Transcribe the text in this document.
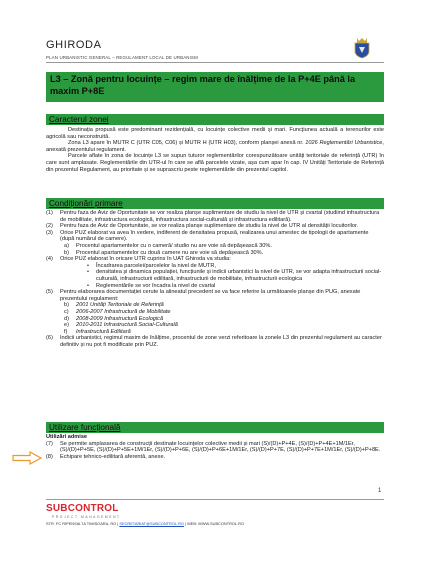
GHIRODA
PLAN URBANISTIC GENERAL – REGULAMENT LOCAL DE URBANISM
L3 – Zonă pentru locuințe – regim mare de înălțime de la P+4E până la maxim P+8E
Caracterul zonei

Destinația propusă este predominant rezidențială, cu locuințe colective medii și mari. Funcțiunea actuală a terenurilor este agricolă sau neconstruită.

Zona L3 apare în MUTR C (UTR C05, C06) și MUTR H (UTR H03), conform planșei anexă nr. 1026 Reglementări Urbanistice, anexată prezentului regulament.

Parcele aflate în zona de locuințe L3 se supun tuturor reglementărilor corespunzătoare unități teritoriale de referință (UTR) în care sunt amplasate. Reglementările din UTR-ul în care se află parcelele vizate, așa cum apar în cap. IV Unități Teritoriale de Referință din prezentul Regulament, au prioritate și se suprascriu peste reglementările din prezentul capitol.

Condiționări primare
(1) Pentru faza de Aviz de Oportunitate se vor realiza planșe suplimentare de studiu la nivel de UTR și cvartal (studiind infrastructura de mobilitate, infrastructura ecologică, infrastructura social-culturală și infrastructura edilitară).
(2) Pentru faza de Aviz de Oportunitate, se vor realiza planșe suplimentare de studiu la nivel de UTR al densității locuitorilor.
(3) Orice PUZ elaborat va avea în vedere, indiferent de densitatea propusă, realizarea unui amestec de tipologii de apartamente (după numărul de camere).
a) Procentul apartamentelor cu o cameră/ studio nu are voie să depășească 30%.
b) Procentul apartamentelor cu două camere nu are voie să depășească 30%.
(4) Orice PUZ elaborat în oricare UTR cuprins în UAT Ghiroda va studia:
• Încadrarea parcelei/parcelelor la nivel de MUTR,
• densitatea și dinamica populației, funcțiunile și indicii urbanistici la nivel de UTR, se vor adapta infrastructurii social-culturală, infrastructurii edilitară, infrastructurii de mobilitate, infrastructurii ecologica
• Reglementările se vor încadra la nivel de cvartal
(5) Pentru elaborarea documentației cerute la alineatul precedent se va face referire la următoarele planșe din PUG, anexate prezentului regulament:
b) 2001 Unități Teritoriale de Referință
c) 2006-2007 Infrastructură de Mobilitate
d) 2008-2009 Infrastructură Ecologică
e) 2010-2011 Infrastructură Social-Culturală
f) Infrastructură Edilitară
(6) Indicii urbanistici, regimul maxim de înălțime, procentul de zone verzi referitoare la zonele L3 din prezentul regulament au caracter definitiv și nu pot fi modificate prin PUZ.
Utilizare funcțională
Utilizări admise
(7) Se permite amplasarea de construcții destinate locuințelor colective medii și mari (S)/(D)+P+4E, (S)/(D)+P+4E+1M/1Er, (S)/(D)+P+5E, (S)/(D)+P+5E+1M/1Er, (S)/(D)+P+6E, (S)/(D)+P+6E+1M/1Er, (S)/(D)+P+7E, (S)/(D)+P+7E+1M/1Er, (S)/(D)+P+8E.
(8) Echipare tehnico-edilitară aferentă, anexe.
1
SUBCONTROL
PROJECT MANAGEMENT
STR. FC RIPENSIA 7A TIMIȘOARA, RO | SECRETARIAT@SUBCONTROL.RO | WEB: WWW.SUBCONTROL.RO
